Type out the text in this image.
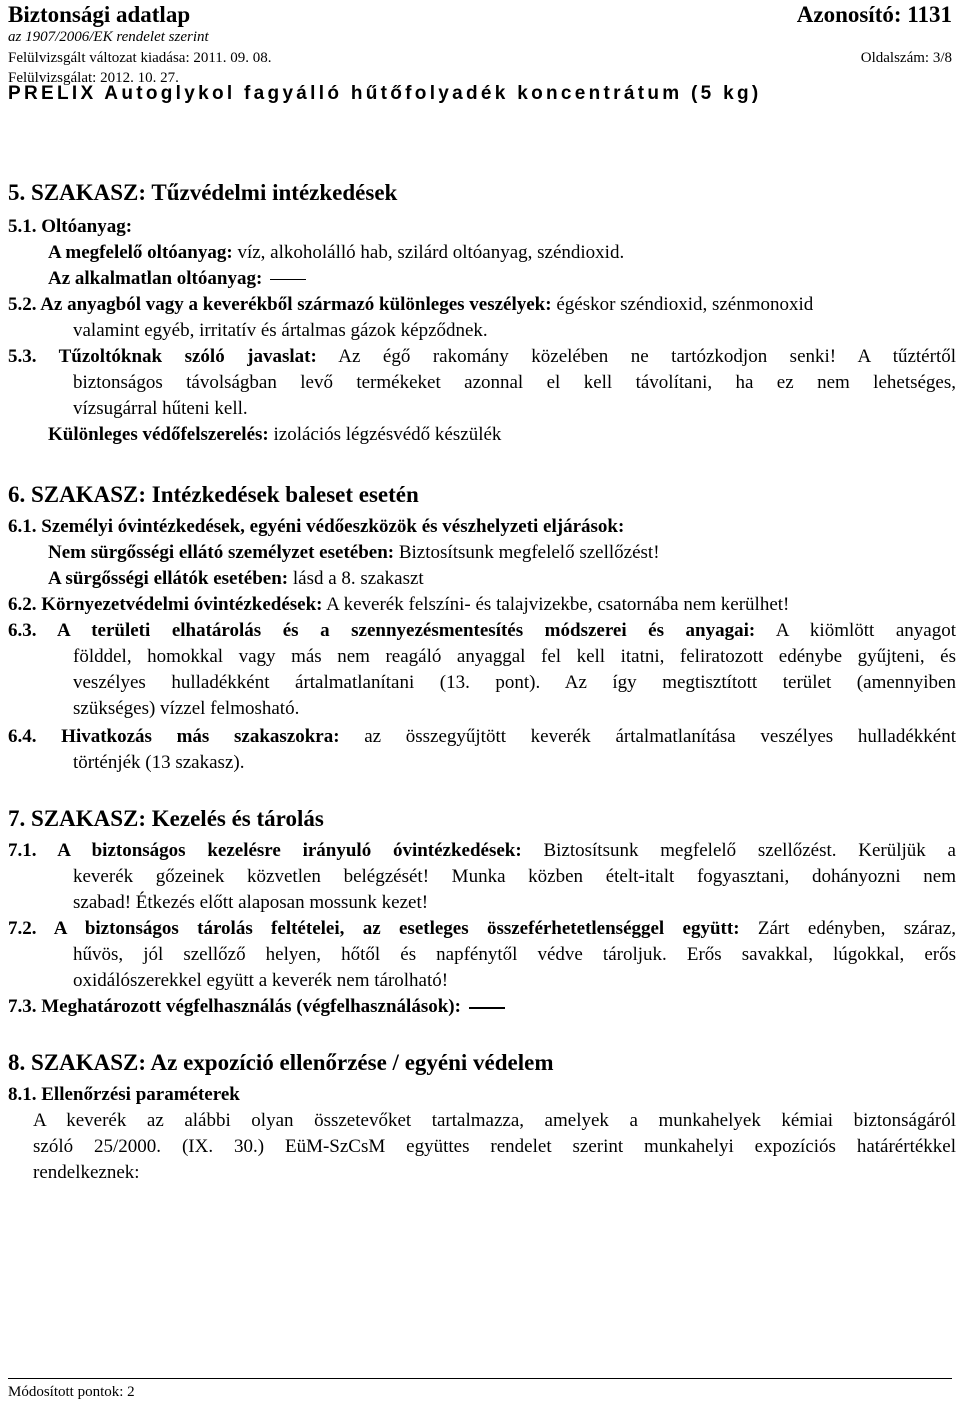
Biztonsági adatlap	Azonosító: 1131
az 1907/2006/EK rendelet szerint
Felülvizsgált változat kiadása: 2011. 09. 08.	Oldalszám: 3/8
Felülvizsgálat: 2012. 10. 27.
PRELIX Autoglykol fagyálló hűtőfolyadék koncentrátum (5 kg)
5. SZAKASZ: Tűzvédelmi intézkedések
5.1. Oltóanyag:
A megfelelő oltóanyag: víz, alkoholálló hab, szilárd oltóanyag, széndioxid.
Az alkalmatlan oltóanyag:
5.2. Az anyagból vagy a keverékből származó különleges veszélyek: égéskor széndioxid, szénmonoxid
valamint egyéb, irritatív és ártalmas gázok képződnek.
5.3. Tűzoltóknak szóló javaslat: Az égő rakomány közelében ne tartózkodjon senki! A tűztértől
biztonságos távolságban levő termékeket azonnal el kell távolítani, ha ez nem lehetséges,
vízsugárral hűteni kell.
Különleges védőfelszerelés: izolációs légzésvédő készülék
6. SZAKASZ: Intézkedések baleset esetén
6.1. Személyi óvintézkedések, egyéni védőeszközök és vészhelyzeti eljárások:
Nem sürgősségi ellátó személyzet esetében: Biztosítsunk megfelelő szellőzést!
A sürgősségi ellátók esetében: lásd a 8. szakaszt
6.2. Környezetvédelmi óvintézkedések: A keverék felszíni- és talajvizekbe, csatornába nem kerülhet!
6.3. A területi elhatárolás és a szennyezésmentesítés módszerei és anyagai: A kiömlött anyagot
földdel, homokkal vagy más nem reagáló anyaggal fel kell itatni, feliratozott edénybe gyűjteni, és
veszélyes hulladékként ártalmatlanítani (13. pont). Az így megtisztított terület (amennyiben
szükséges) vízzel felmosható.
6.4. Hivatkozás más szakaszokra: az összegyűjtött keverék ártalmatlanítása veszélyes hulladékként
történjék (13 szakasz).
7. SZAKASZ: Kezelés és tárolás
7.1. A biztonságos kezelésre irányuló óvintézkedések: Biztosítsunk megfelelő szellőzést. Kerüljük a
keverék gőzeinek közvetlen belégzését! Munka közben ételt-italt fogyasztani, dohányozni nem
szabad! Étkezés előtt alaposan mossunk kezet!
7.2. A biztonságos tárolás feltételei, az esetleges összeférhetetlenséggel együtt: Zárt edényben, száraz,
hűvös, jól szellőző helyen, hőtől és napfénytől védve tároljuk. Erős savakkal, lúgokkal, erős
oxidálószerekkel együtt a keverék nem tárolható!
7.3. Meghatározott végfelhasználás (végfelhasználások):
8. SZAKASZ: Az expozíció ellenőrzése / egyéni védelem
8.1. Ellenőrzési paraméterek
A keverék az alábbi olyan összetevőket tartalmazza, amelyek a munkahelyek kémiai biztonságáról
szóló 25/2000. (IX. 30.) EüM-SzCsM együttes rendelet szerint munkahelyi expozíciós határértékkel
rendelkeznek:
Módosított pontok: 2
